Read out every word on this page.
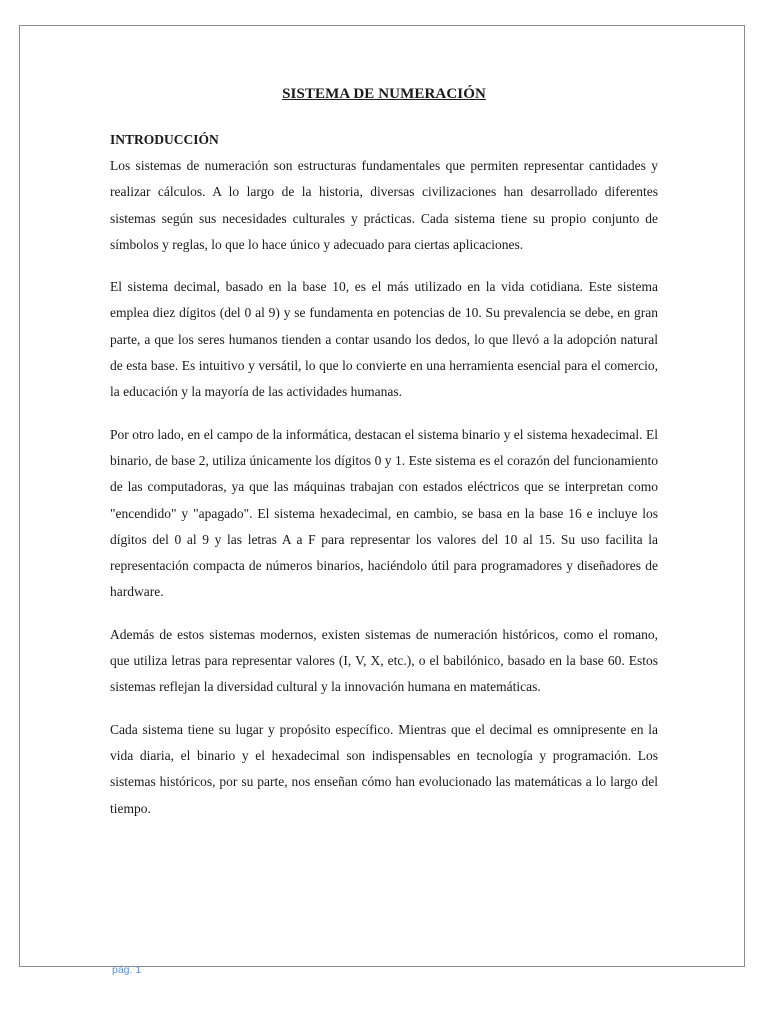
SISTEMA DE NUMERACIÓN
INTRODUCCIÓN

Los sistemas de numeración son estructuras fundamentales que permiten representar cantidades y realizar cálculos. A lo largo de la historia, diversas civilizaciones han desarrollado diferentes sistemas según sus necesidades culturales y prácticas. Cada sistema tiene su propio conjunto de símbolos y reglas, lo que lo hace único y adecuado para ciertas aplicaciones.

El sistema decimal, basado en la base 10, es el más utilizado en la vida cotidiana. Este sistema emplea diez dígitos (del 0 al 9) y se fundamenta en potencias de 10. Su prevalencia se debe, en gran parte, a que los seres humanos tienden a contar usando los dedos, lo que llevó a la adopción natural de esta base. Es intuitivo y versátil, lo que lo convierte en una herramienta esencial para el comercio, la educación y la mayoría de las actividades humanas.

Por otro lado, en el campo de la informática, destacan el sistema binario y el sistema hexadecimal. El binario, de base 2, utiliza únicamente los dígitos 0 y 1. Este sistema es el corazón del funcionamiento de las computadoras, ya que las máquinas trabajan con estados eléctricos que se interpretan como "encendido" y "apagado". El sistema hexadecimal, en cambio, se basa en la base 16 e incluye los dígitos del 0 al 9 y las letras A a F para representar los valores del 10 al 15. Su uso facilita la representación compacta de números binarios, haciéndolo útil para programadores y diseñadores de hardware.

Además de estos sistemas modernos, existen sistemas de numeración históricos, como el romano, que utiliza letras para representar valores (I, V, X, etc.), o el babilónico, basado en la base 60. Estos sistemas reflejan la diversidad cultural y la innovación humana en matemáticas.

Cada sistema tiene su lugar y propósito específico. Mientras que el decimal es omnipresente en la vida diaria, el binario y el hexadecimal son indispensables en tecnología y programación. Los sistemas históricos, por su parte, nos enseñan cómo han evolucionado las matemáticas a lo largo del tiempo.

pág. 1
